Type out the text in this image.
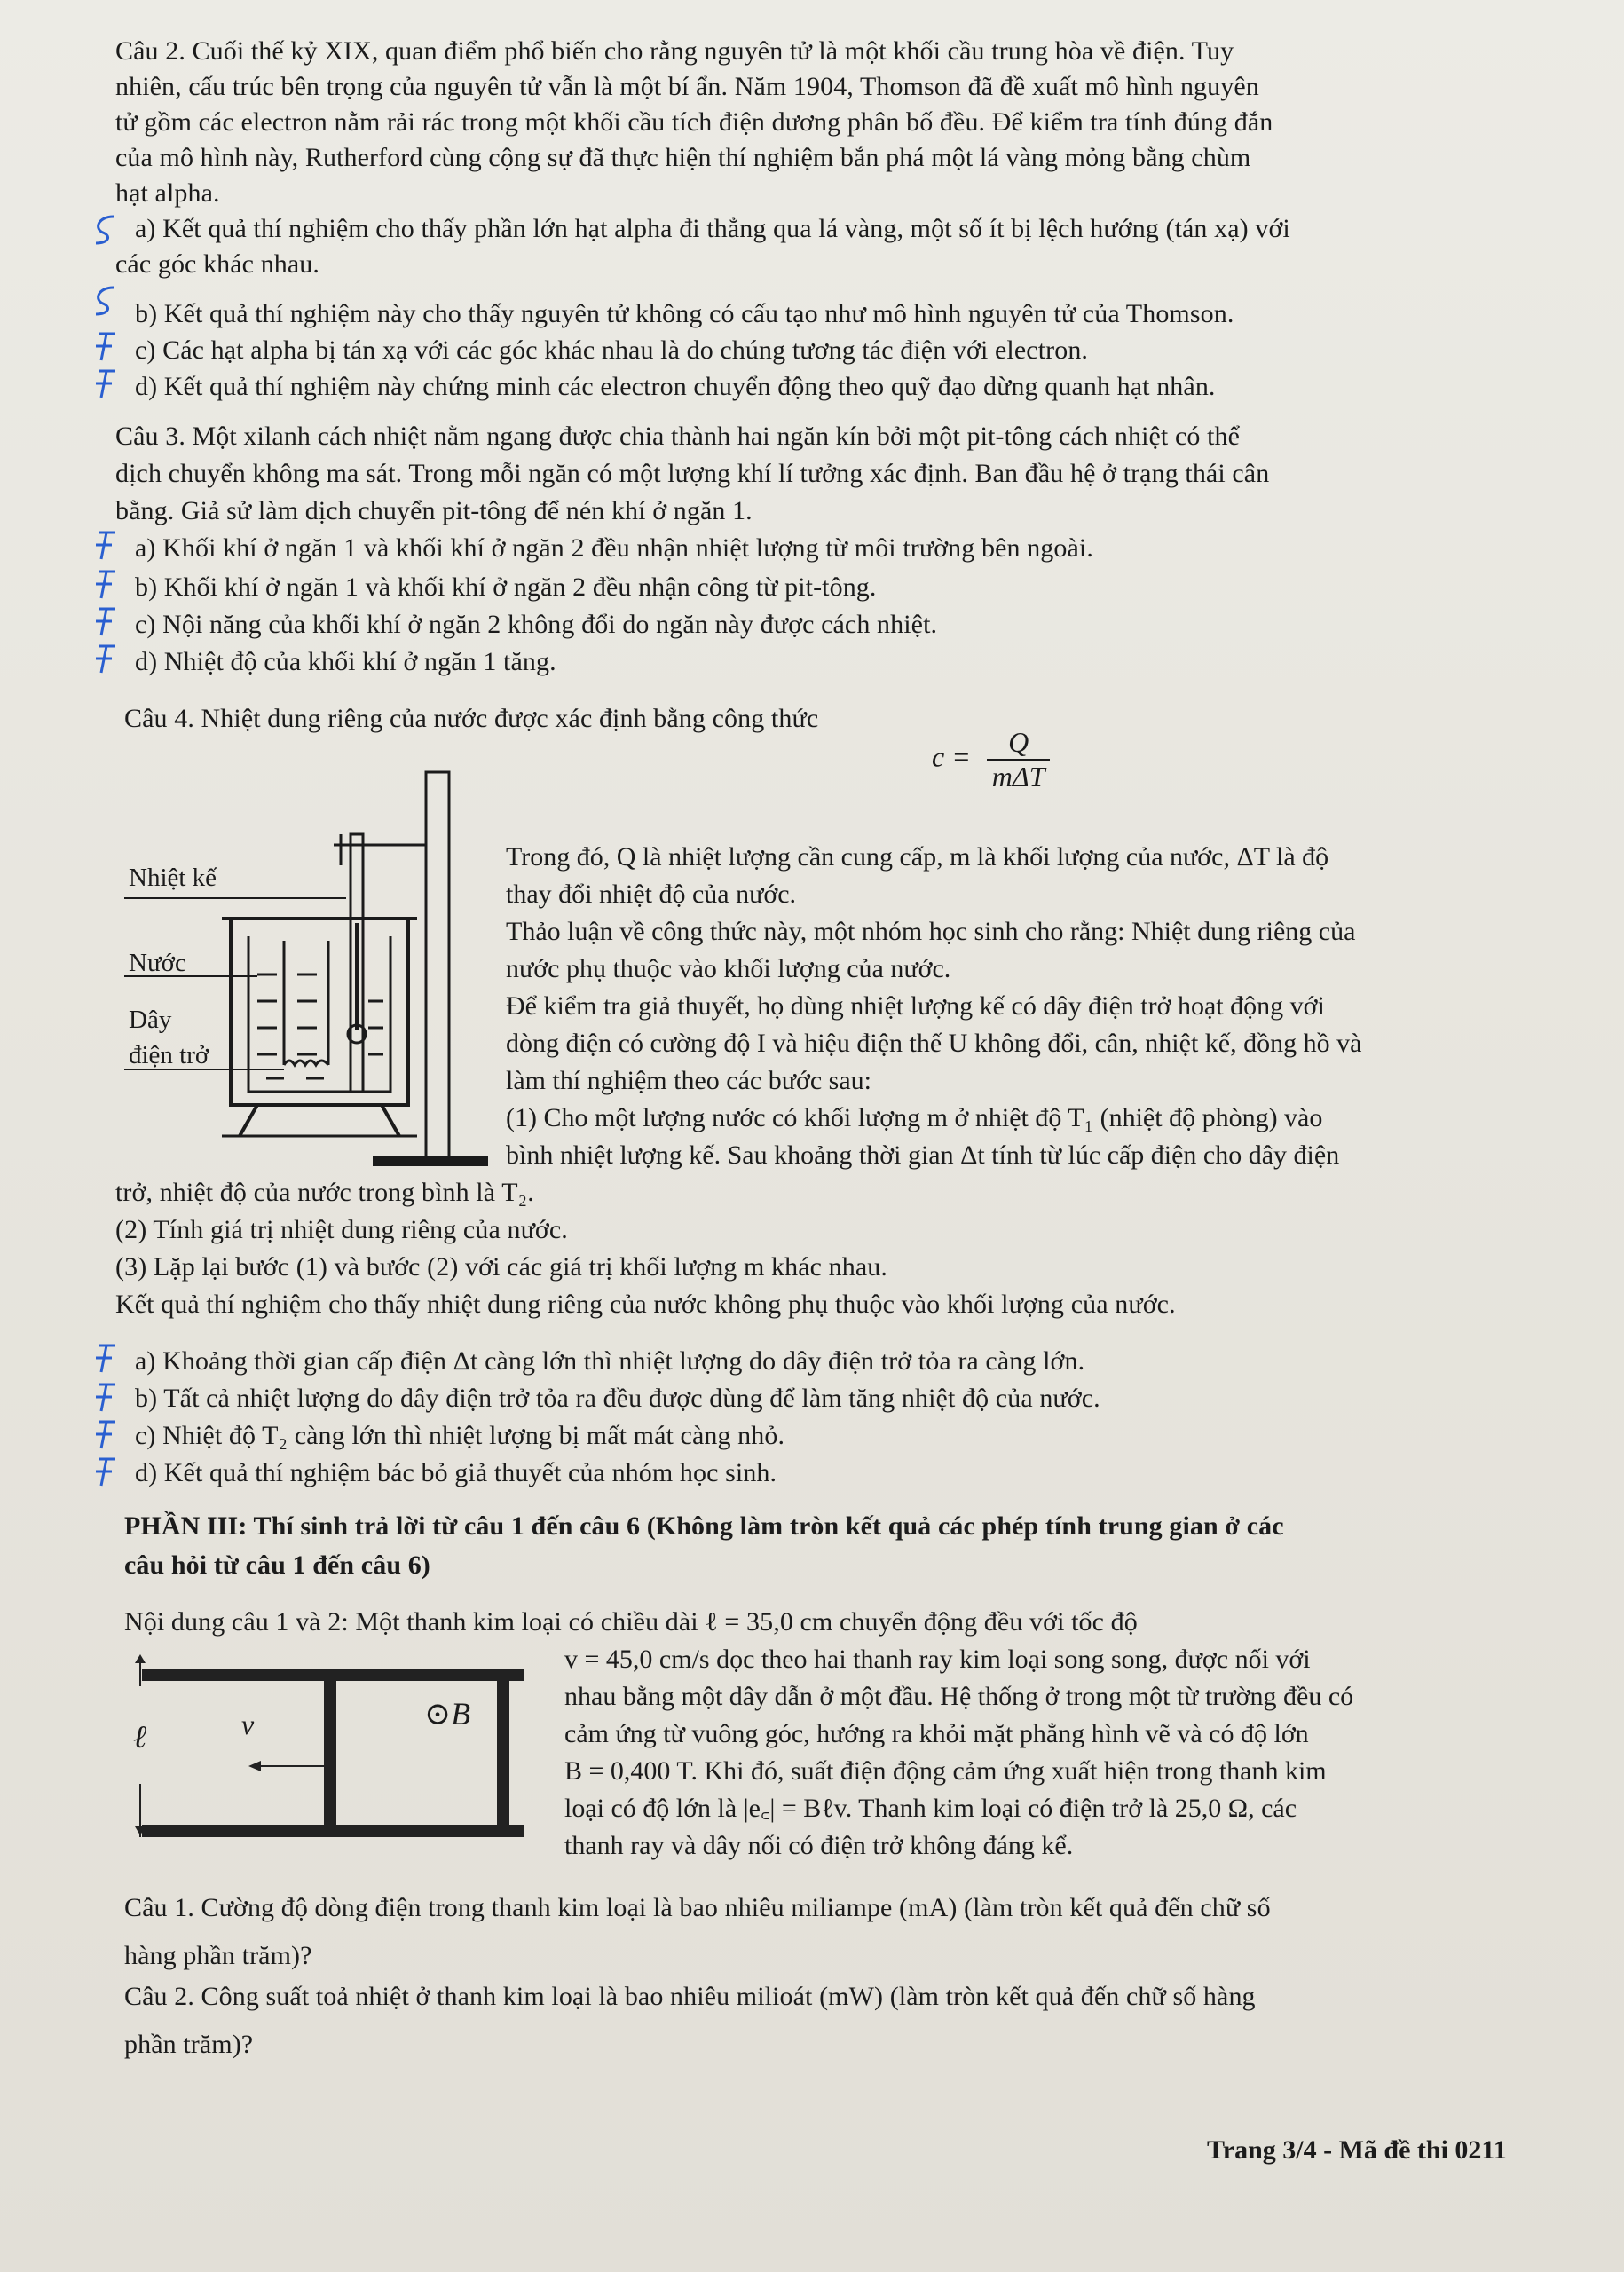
Câu 2. Cuối thế kỷ XIX, quan điểm phổ biến cho rằng nguyên tử là một khối cầu trung hòa về điện. Tuy
nhiên, cấu trúc bên trọng của nguyên tử vẫn là một bí ẩn. Năm 1904, Thomson đã đề xuất mô hình nguyên
tử gồm các electron nằm rải rác trong một khối cầu tích điện dương phân bố đều. Để kiểm tra tính đúng đắn
của mô hình này, Rutherford cùng cộng sự đã thực hiện thí nghiệm bắn phá một lá vàng mỏng bằng chùm
hạt alpha.
a) Kết quả thí nghiệm cho thấy phần lớn hạt alpha đi thẳng qua lá vàng, một số ít bị lệch hướng (tán xạ) với
các góc khác nhau.
b) Kết quả thí nghiệm này cho thấy nguyên tử không có cấu tạo như mô hình nguyên tử của Thomson.
c) Các hạt alpha bị tán xạ với các góc khác nhau là do chúng tương tác điện với electron.
d) Kết quả thí nghiệm này chứng minh các electron chuyển động theo quỹ đạo dừng quanh hạt nhân.
Câu 3. Một xilanh cách nhiệt nằm ngang được chia thành hai ngăn kín bởi một pit-tông cách nhiệt có thể
dịch chuyển không ma sát. Trong mỗi ngăn có một lượng khí lí tưởng xác định. Ban đầu hệ ở trạng thái cân
bằng. Giả sử làm dịch chuyển pit-tông để nén khí ở ngăn 1.
a) Khối khí ở ngăn 1 và khối khí ở ngăn 2 đều nhận nhiệt lượng từ môi trường bên ngoài.
b) Khối khí ở ngăn 1 và khối khí ở ngăn 2 đều nhận công từ pit-tông.
c) Nội năng của khối khí ở ngăn 2 không đổi do ngăn này được cách nhiệt.
d) Nhiệt độ của khối khí ở ngăn 1 tăng.
Câu 4. Nhiệt dung riêng của nước được xác định bằng công thức
$c = \frac{Q}{\text{mΔT}}$
Nhiệt kế
Nước
Dây
điện trở
Trong đó, Q là nhiệt lượng cần cung cấp, m là khối lượng của nước, ΔT là độ
thay đổi nhiệt độ của nước.
Thảo luận về công thức này, một nhóm học sinh cho rằng: Nhiệt dung riêng của
nước phụ thuộc vào khối lượng của nước.
Để kiểm tra giả thuyết, họ dùng nhiệt lượng kế có dây điện trở hoạt động với
dòng điện có cường độ I và hiệu điện thế U không đổi, cân, nhiệt kế, đồng hồ và
làm thí nghiệm theo các bước sau:
(1) Cho một lượng nước có khối lượng m ở nhiệt độ T₁ (nhiệt độ phòng) vào
bình nhiệt lượng kế. Sau khoảng thời gian Δt tính từ lúc cấp điện cho dây điện
trở, nhiệt độ của nước trong bình là T₂.
(2) Tính giá trị nhiệt dung riêng của nước.
(3) Lặp lại bước (1) và bước (2) với các giá trị khối lượng m khác nhau.
Kết quả thí nghiệm cho thấy nhiệt dung riêng của nước không phụ thuộc vào khối lượng của nước.
a) Khoảng thời gian cấp điện Δt càng lớn thì nhiệt lượng do dây điện trở tỏa ra càng lớn.
b) Tất cả nhiệt lượng do dây điện trở tỏa ra đều được dùng để làm tăng nhiệt độ của nước.
c) Nhiệt độ T₂ càng lớn thì nhiệt lượng bị mất mát càng nhỏ.
d) Kết quả thí nghiệm bác bỏ giả thuyết của nhóm học sinh.
PHẦN III: Thí sinh trả lời từ câu 1 đến câu 6 (Không làm tròn kết quả các phép tính trung gian ở các
câu hỏi từ câu 1 đến câu 6)
Nội dung câu 1 và 2: Một thanh kim loại có chiều dài ℓ = 35,0 cm chuyển động đều với tốc độ
ℓ	v⃗	⊙B⃗
v = 45,0 cm/s dọc theo hai thanh ray kim loại song song, được nối với
nhau bằng một dây dẫn ở một đầu. Hệ thống ở trong một từ trường đều có
cảm ứng từ vuông góc, hướng ra khỏi mặt phẳng hình vẽ và có độ lớn
B = 0,400 T. Khi đó, suất điện động cảm ứng xuất hiện trong thanh kim
loại có độ lớn là |e꜀| = Bℓv. Thanh kim loại có điện trở là 25,0 Ω, các
thanh ray và dây nối có điện trở không đáng kể.
Câu 1. Cường độ dòng điện trong thanh kim loại là bao nhiêu miliampe (mA) (làm tròn kết quả đến chữ số
hàng phần trăm)?
Câu 2. Công suất toả nhiệt ở thanh kim loại là bao nhiêu milioát (mW) (làm tròn kết quả đến chữ số hàng
phần trăm)?
Trang 3/4 - Mã đề thi 0211
